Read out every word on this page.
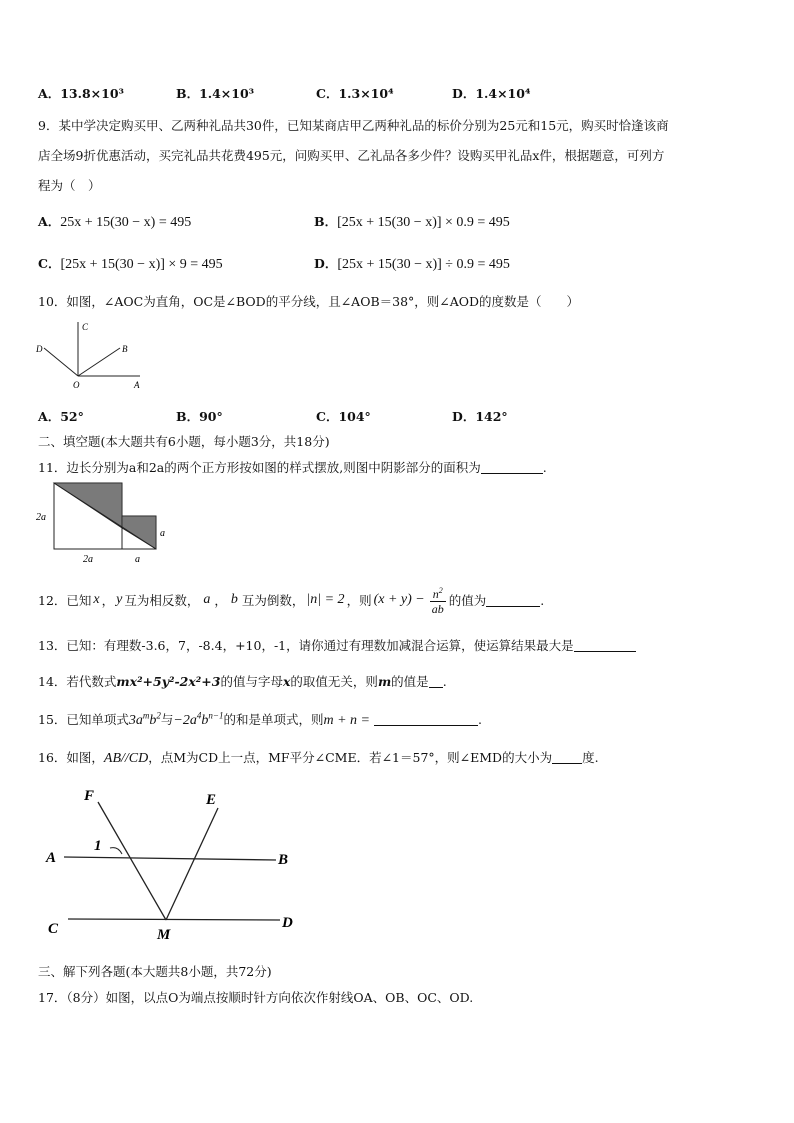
A．13.8×10³	B．1.4×10³	C．1.3×10⁴	D．1.4×10⁴
9．某中学决定购买甲、乙两种礼品共30件，已知某商店甲乙两种礼品的标价分别为25元和15元，购买时恰逢该商
店全场9折优惠活动，买完礼品共花费495元，问购买甲、乙礼品各多少件？设购买甲礼品x件，根据题意，可列方
程为（　）
A．25x + 15(30 − x) = 495	B．[25x + 15(30 − x)] × 0.9 = 495
C．[25x + 15(30 − x)] × 9 = 495	D．[25x + 15(30 − x)] ÷ 0.9 = 495
10．如图，∠AOC为直角，OC是∠BOD的平分线，且∠AOB＝38°，则∠AOD的度数是（　　）
C
D	B
O	A
A．52°	B．90°	C．104°	D．142°
二、填空题(本大题共有6小题，每小题3分，共18分)
11．边长分别为a和2a的两个正方形按如图的样式摆放,则图中阴影部分的面积为	.
2a
2a	a
a
12．已知 x ， y 互为相反数， a ， b 互为倒数， |n| = 2 ，则 $(x + y) - \frac{n^2}{ab}$ 的值为	.
13．已知：有理数-3.6，7，-8.4，+10，-1，请你通过有理数加减混合运算，使运算结果最大是
14．若代数式mx²+5y²-2x²+3的值与字母x的取值无关，则m的值是 .
15．已知单项式$3a^mb^2$与$-2a^4b^{n-1}$的和是单项式，则m + n =	.
16．如图，AB//CD，点M为CD上一点，MF平分∠CME．若∠1＝57°，则∠EMD的大小为 度.
F	E
A	B
C	D
M
1
三、解下列各题(本大题共8小题，共72分)
17．（8分）如图，以点O为端点按顺时针方向依次作射线OA、OB、OC、OD.
